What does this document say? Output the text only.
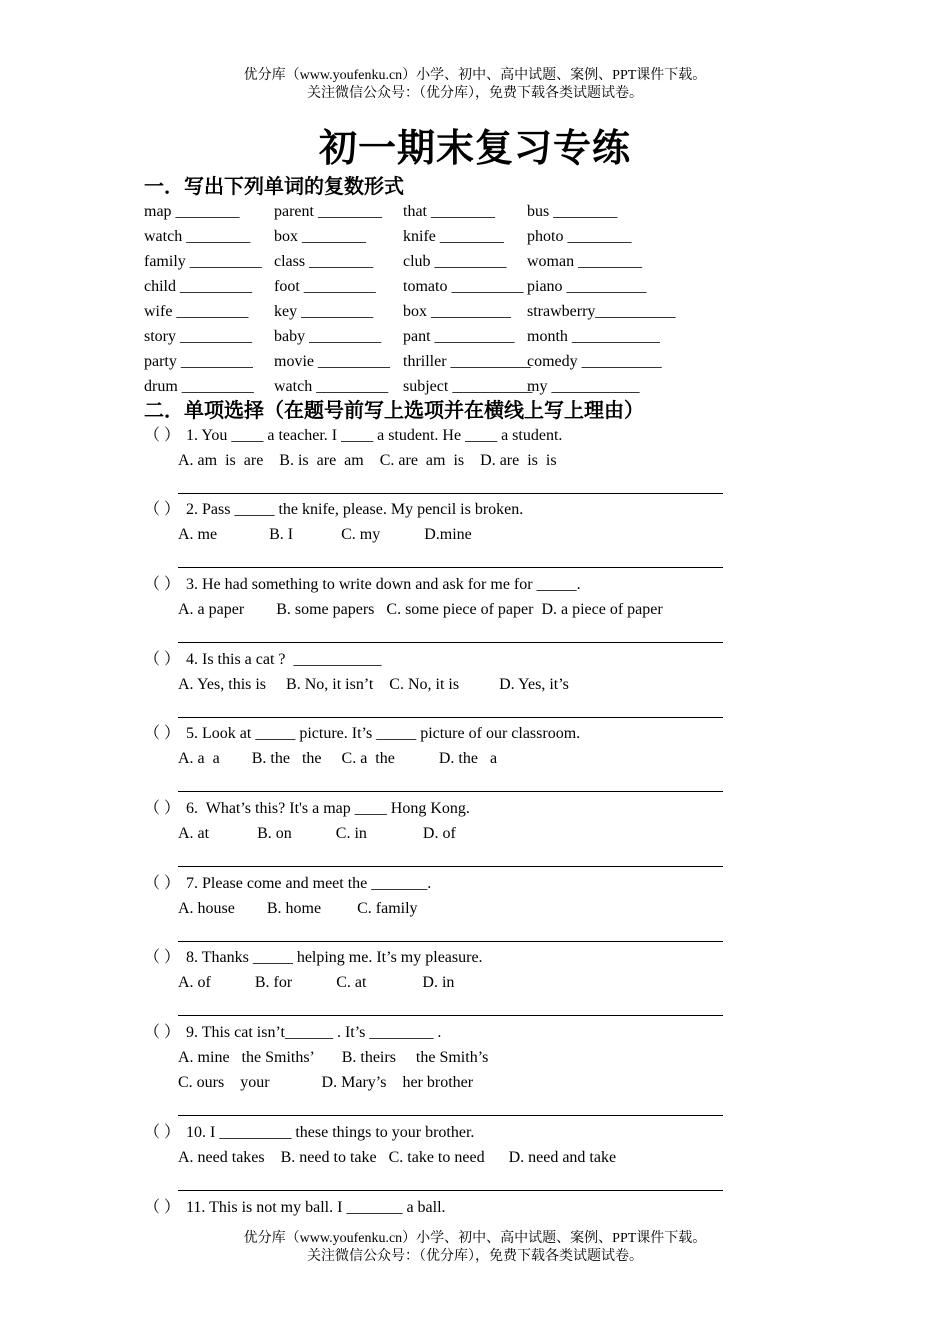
优分库（www.youfenku.cn）小学、初中、高中试题、案例、PPT课件下载。
关注微信公众号：（优分库），免费下载各类试题试卷。
初一期末复习专练
一．写出下列单词的复数形式
map ________ parent ________ that ________ bus ________
watch ________ box ________ knife ________ photo ________
family _________ class ________ club _________ woman ________
child _________ foot _________ tomato _________ piano __________
wife _________ key _________ box __________ strawberry__________
story _________ baby _________ pant __________ month ___________
party _________ movie _________ thriller __________comedy __________
drum _________ watch _________ subject __________my ___________
二．单项选择（在题号前写上选项并在横线上写上理由）
（ ） 1. You ____ a teacher. I ____ a student. He ____ a student.
A. am  is  are    B. is  are  am    C. are  am  is    D. are  is  is
（ ） 2. Pass _____ the knife, please. My pencil is broken.
A. me             B. I            C. my           D.mine
（ ） 3. He had something to write down and ask for me for _____.
A. a paper        B. some papers   C. some piece of paper  D. a piece of paper
（ ） 4. Is this a cat ?  ___________
A. Yes, this is     B. No, it isn’t    C. No, it is          D. Yes, it’s
（ ） 5. Look at _____ picture. It’s _____ picture of our classroom.
A. a  a        B. the   the     C. a  the           D. the   a
（ ） 6.  What’s this? It's a map ____ Hong Kong.
A. at            B. on           C. in              D. of
（ ） 7. Please come and meet the _______.
A. house        B. home         C. family
（ ） 8. Thanks _____ helping me. It’s my pleasure.
A. of           B. for           C. at              D. in
（ ） 9. This cat isn’t______ . It’s ________ .
A. mine   the Smiths’       B. theirs     the Smith’s
C. ours    your             D. Mary’s    her brother
（ ） 10. I _________ these things to your brother.
A. need takes    B. need to take   C. take to need      D. need and take
（ ） 11. This is not my ball. I _______ a ball.
优分库（www.youfenku.cn）小学、初中、高中试题、案例、PPT课件下载。
关注微信公众号：（优分库），免费下载各类试题试卷。
